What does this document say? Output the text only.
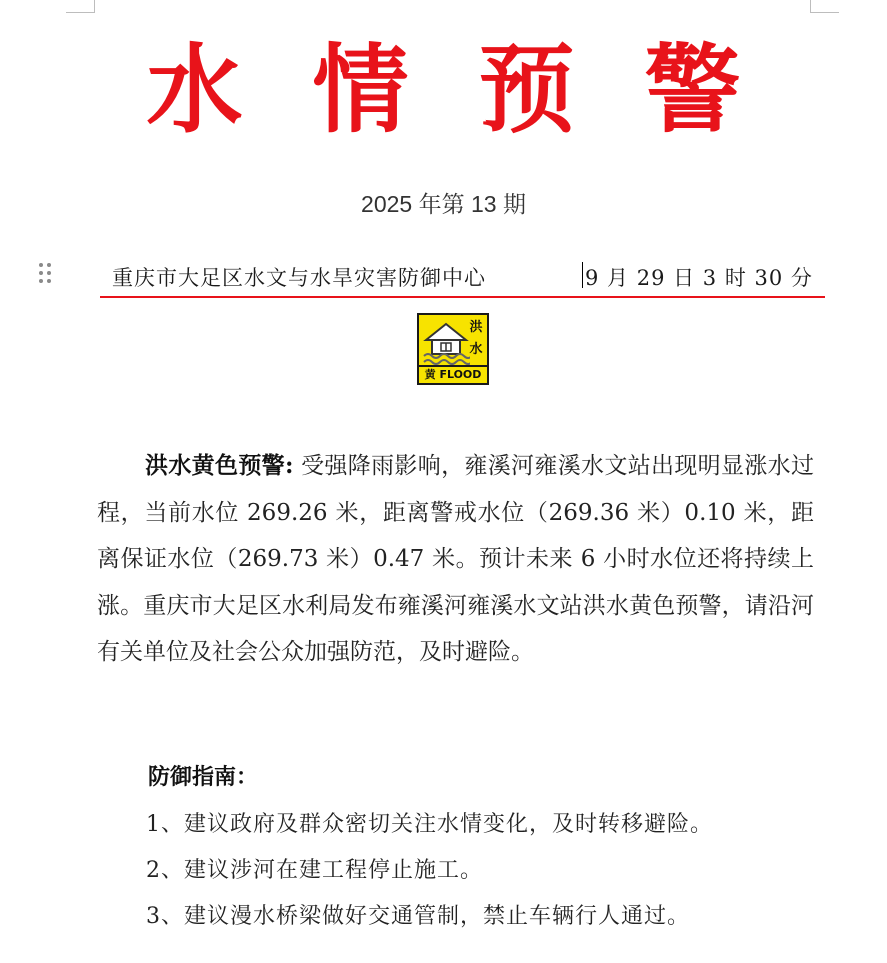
水情预警
2025 年第 13 期
重庆市大足区水文与水旱灾害防御中心	9 月 29 日 3 时 30 分
洪
水
黄 FLOOD
洪水黄色预警: 受强降雨影响，雍溪河雍溪水文站出现明显涨水过程，当前水位 269.26 米，距离警戒水位（269.36 米）0.10 米，距离保证水位（269.73 米）0.47 米。预计未来 6 小时水位还将持续上涨。重庆市大足区水利局发布雍溪河雍溪水文站洪水黄色预警，请沿河有关单位及社会公众加强防范，及时避险。
防御指南：
1、建议政府及群众密切关注水情变化，及时转移避险。
2、建议涉河在建工程停止施工。
3、建议漫水桥梁做好交通管制，禁止车辆行人通过。
